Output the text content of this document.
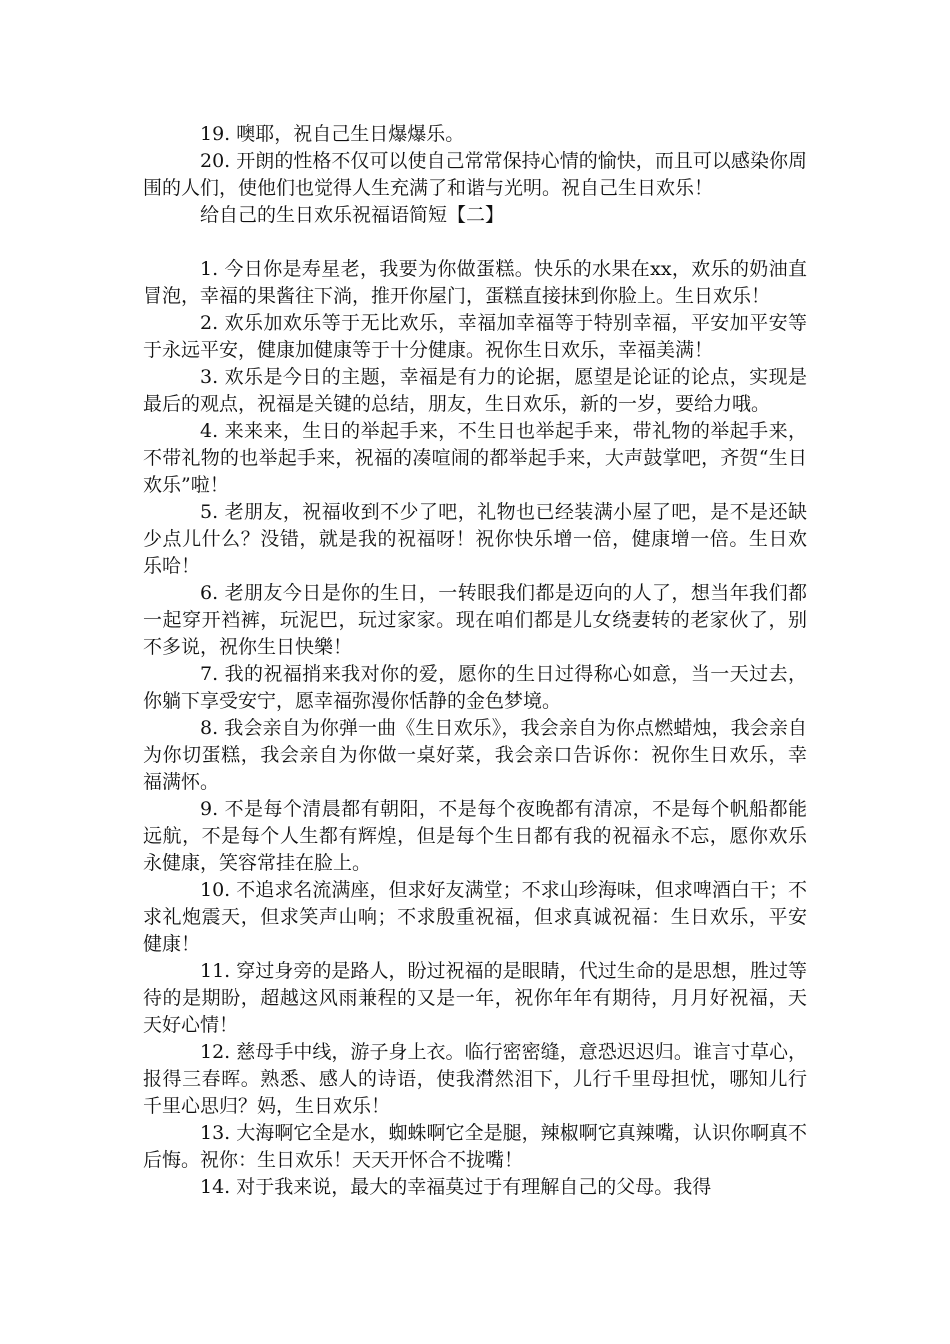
19. 噢耶，祝自己生日爆爆乐。

20. 开朗的性格不仅可以使自己常常保持心情的愉快，而且可以感染你周围的人们，使他们也觉得人生充满了和谐与光明。祝自己生日欢乐！

给自己的生日欢乐祝福语简短【二】

1. 今日你是寿星老，我要为你做蛋糕。快乐的水果在xx，欢乐的奶油直冒泡，幸福的果酱往下淌，推开你屋门，蛋糕直接抹到你脸上。生日欢乐！

2. 欢乐加欢乐等于无比欢乐，幸福加幸福等于特别幸福，平安加平安等于永远平安，健康加健康等于十分健康。祝你生日欢乐，幸福美满！

3. 欢乐是今日的主题，幸福是有力的论据，愿望是论证的论点，实现是最后的观点，祝福是关键的总结，朋友，生日欢乐，新的一岁，要给力哦。

4. 来来来，生日的举起手来，不生日也举起手来，带礼物的举起手来，不带礼物的也举起手来，祝福的凑喧闹的都举起手来，大声鼓掌吧，齐贺“生日欢乐”啦！

5. 老朋友，祝福收到不少了吧，礼物也已经装满小屋了吧，是不是还缺少点儿什么？没错，就是我的祝福呀！祝你快乐增一倍，健康增一倍。生日欢乐哈！

6. 老朋友今日是你的生日，一转眼我们都是迈向的人了，想当年我们都一起穿开裆裤，玩泥巴，玩过家家。现在咱们都是儿女绕妻转的老家伙了，别不多说，祝你生日快樂！

7. 我的祝福捎来我对你的爱，愿你的生日过得称心如意，当一天过去，你躺下享受安宁，愿幸福弥漫你恬静的金色梦境。

8. 我会亲自为你弹一曲《生日欢乐》，我会亲自为你点燃蜡烛，我会亲自为你切蛋糕，我会亲自为你做一桌好菜，我会亲口告诉你：祝你生日欢乐，幸福满怀。

9. 不是每个清晨都有朝阳，不是每个夜晚都有清凉，不是每个帆船都能远航，不是每个人生都有辉煌，但是每个生日都有我的祝福永不忘，愿你欢乐永健康，笑容常挂在脸上。

10. 不追求名流满座，但求好友满堂；不求山珍海味，但求啤酒白干；不求礼炮震天，但求笑声山响；不求殷重祝福，但求真诚祝福：生日欢乐，平安健康！

11. 穿过身旁的是路人，盼过祝福的是眼睛，代过生命的是思想，胜过等待的是期盼，超越这风雨兼程的又是一年，祝你年年有期待，月月好祝福，天天好心情！

12. 慈母手中线，游子身上衣。临行密密缝，意恐迟迟归。谁言寸草心，报得三春晖。熟悉、感人的诗语，使我潸然泪下，儿行千里母担忧，哪知儿行千里心思归？妈，生日欢乐！

13. 大海啊它全是水，蜘蛛啊它全是腿，辣椒啊它真辣嘴，认识你啊真不后悔。祝你：生日欢乐！天天开怀合不拢嘴！

14. 对于我来说，最大的幸福莫过于有理解自己的父母。我得
